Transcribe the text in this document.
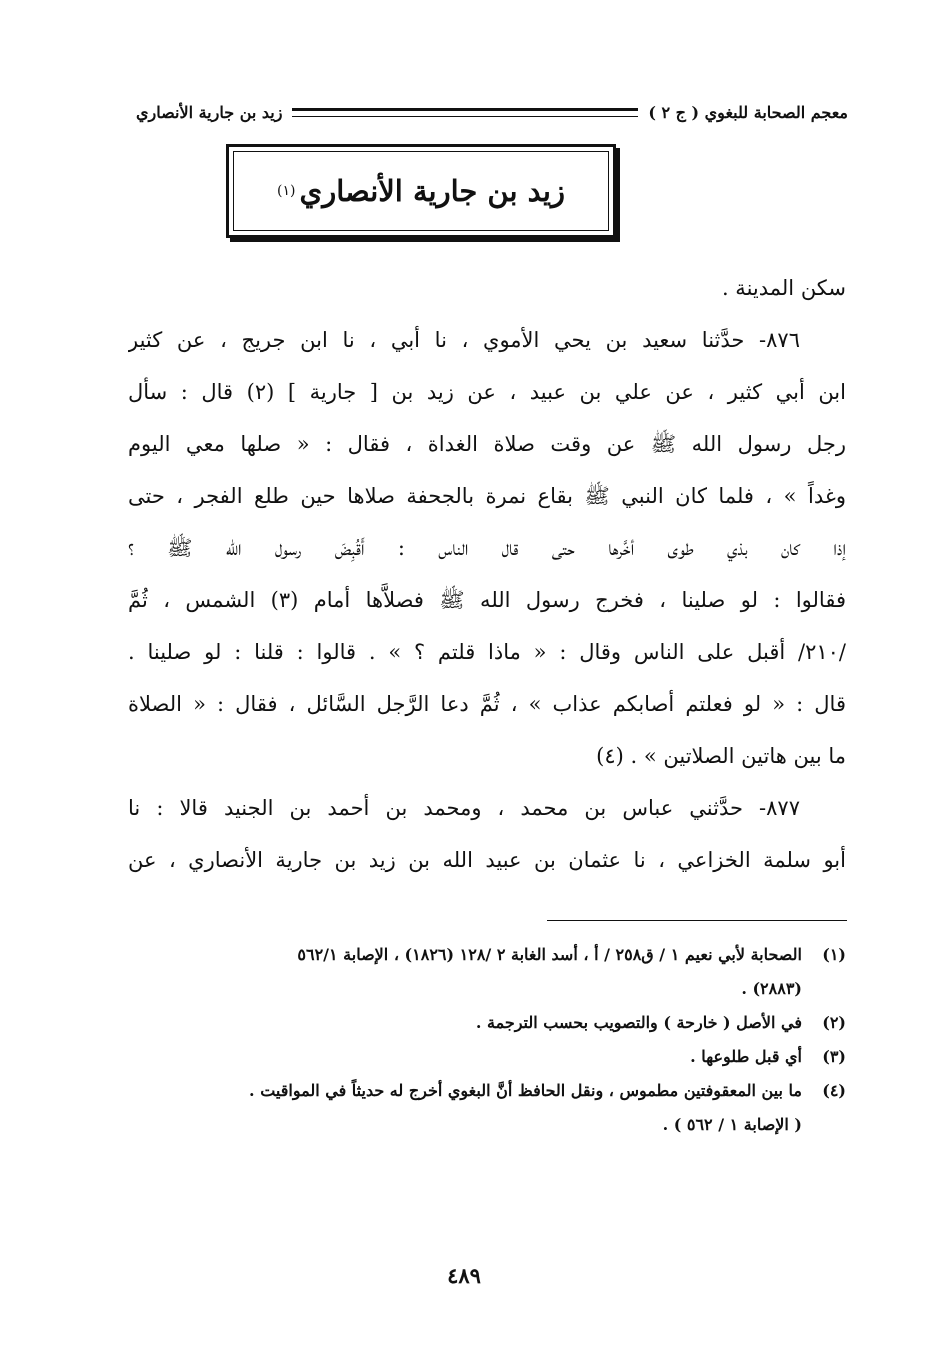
معجم الصحابة للبغوي ( ج ٢ )
زيد بن جارية الأنصاري
زيد بن جارية الأنصاري
(١)
سكن المدينة .
٨٧٦- حدَّثنا سعيد بن يحي الأموي ، نا أبي ، نا ابن جريج ، عن كثير
ابن أبي كثير ، عن علي بن عبيد ، عن زيد بن [ جارية ] (٢) قال : سأل
رجل رسول الله ﷺ عن وقت صلاة الغداة ، فقال : « صلها معي اليوم
وغداً » ، فلما كان النبي ﷺ بقاع نمرة بالجحفة صلاها حين طلع الفجر ، حتى
إذا كان بذي طوى أخَّرها حتى قال الناس : أَقُبِضَ رسول الله ﷺ ؟
فقالوا : لو صلينا ، فخرج رسول الله ﷺ فصلاَّها أمام (٣) الشمس ، ثُمَّ
/٢١٠/ أقبل على الناس وقال : « ماذا قلتم ؟ » . قالوا : قلنا : لو صلينا .
قال : « لو فعلتم أصابكم عذاب » ، ثُمَّ دعا الرَّجل السَّائل ، فقال : « الصلاة
ما بين هاتين الصلاتين » . (٤)
٨٧٧- حدَّثني عباس بن محمد ، ومحمد بن أحمد بن الجنيد قالا : نا
أبو سلمة الخزاعي ، نا عثمان بن عبيد الله بن زيد بن جارية الأنصاري ، عن
(١)
الصحابة لأبي نعيم ١ / ق٢٥٨ / أ ، أسد الغابة ٢ /١٢٨ (١٨٢٦) ، الإصابة ٥٦٢/١
(٢٨٨٣) .
(٢)
في الأصل ( خارحة ) والتصويب بحسب الترجمة .
(٣)
أي قبل طلوعها .
(٤)
ما بين المعقوفتين مطموس ، ونقل الحافظ أنَّ البغوي أخرج له حديثاً في المواقيت .
( الإصابة ١ / ٥٦٢ ) .
٤٨٩
